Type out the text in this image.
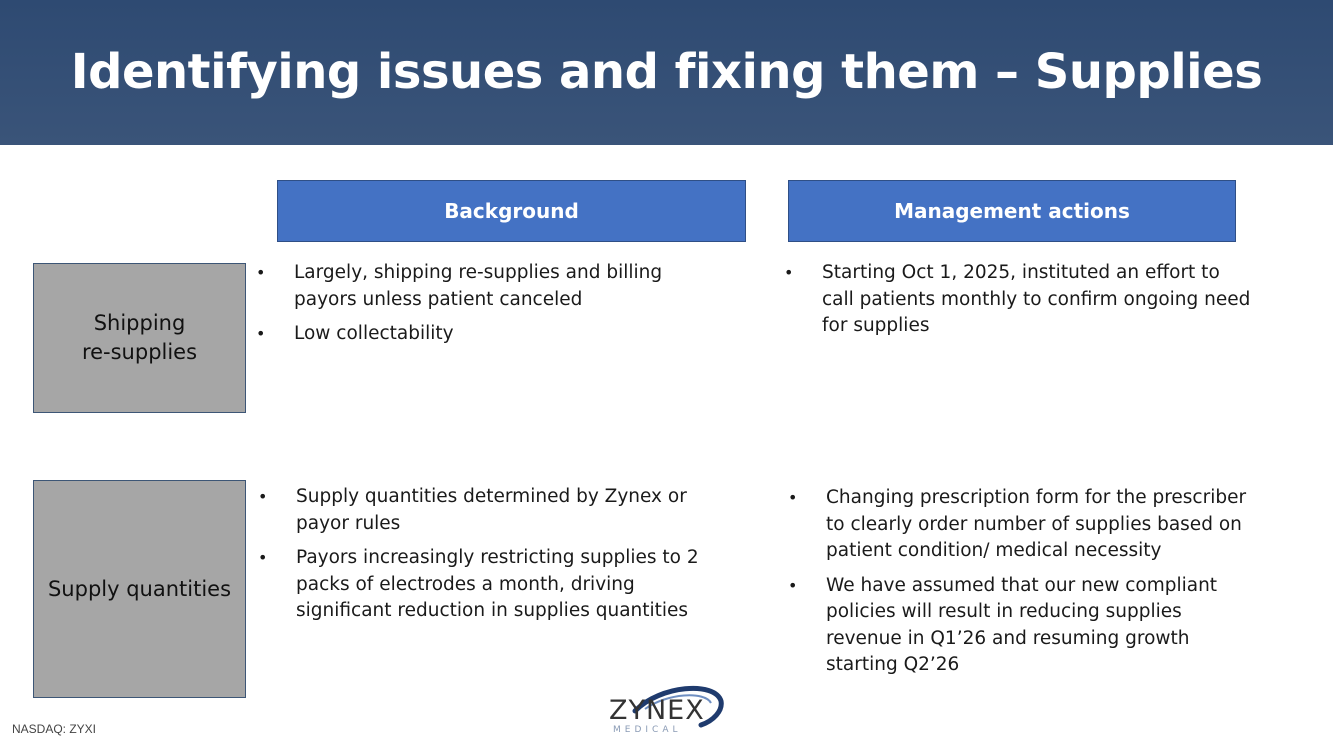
Identifying issues and fixing them – Supplies
Background	Management actions
Shipping
re-supplies
• Largely, shipping re-supplies and billing payors unless patient canceled
• Low collectability
• Starting Oct 1, 2025, instituted an effort to call patients monthly to confirm ongoing need for supplies
Supply quantities
• Supply quantities determined by Zynex or payor rules
• Payors increasingly restricting supplies to 2 packs of electrodes a month, driving significant reduction in supplies quantities
• Changing prescription form for the prescriber to clearly order number of supplies based on patient condition/ medical necessity
• We have assumed that our new compliant policies will result in reducing supplies revenue in Q1’26 and resuming growth starting Q2’26
NASDAQ: ZYXI
ZYNEX
MEDICAL
